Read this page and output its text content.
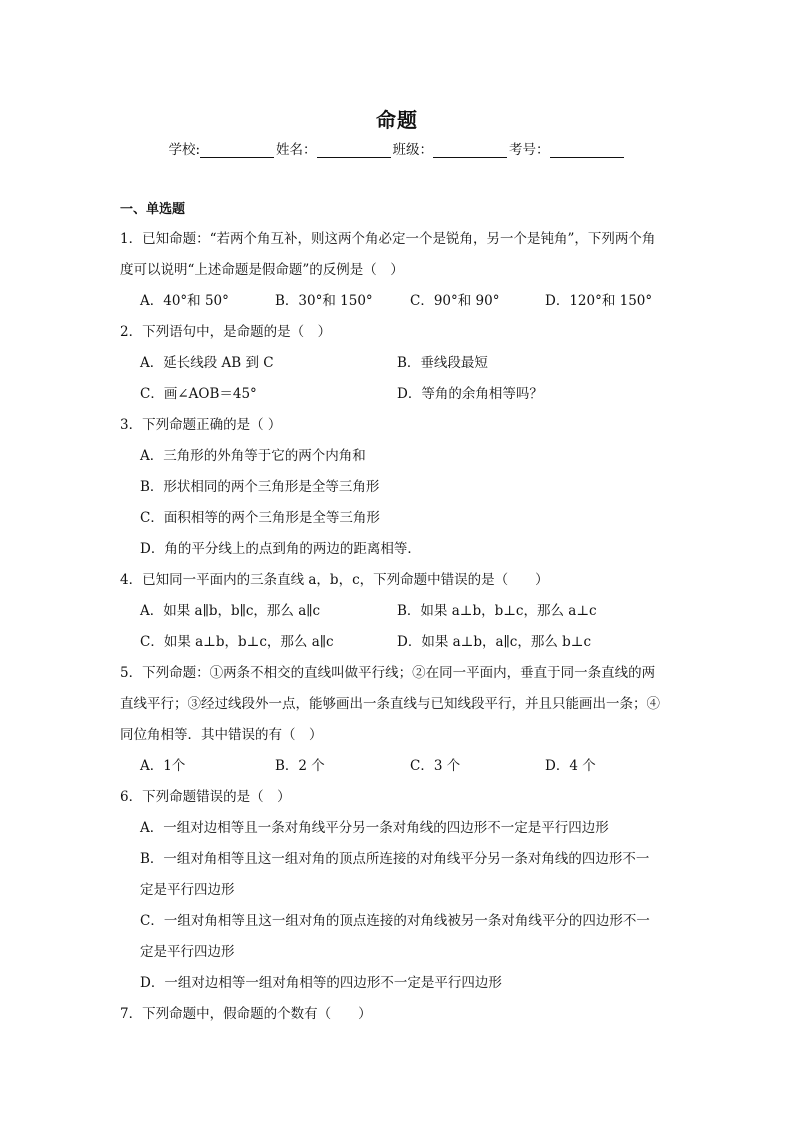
命题
学校:	姓名：	班级：	考号：
一、单选题
1．已知命题：“若两个角互补，则这两个角必定一个是锐角，另一个是钝角”，下列两个角
度可以说明“上述命题是假命题”的反例是（　）
A．40°和 50°	B．30°和 150°	C．90°和 90°	D．120°和 150°
2．下列语句中，是命题的是（　）
A．延长线段 AB 到 C	B．垂线段最短
C．画∠AOB＝45°	D．等角的余角相等吗？
3．下列命题正确的是（ ）
A．三角形的外角等于它的两个内角和
B．形状相同的两个三角形是全等三角形
C．面积相等的两个三角形是全等三角形
D．角的平分线上的点到角的两边的距离相等．
4．已知同一平面内的三条直线 a，b，c，下列命题中错误的是（　　）
A．如果 a∥b，b∥c，那么 a∥c	B．如果 a⊥b，b⊥c，那么 a⊥c
C．如果 a⊥b，b⊥c，那么 a∥c	D．如果 a⊥b，a∥c，那么 b⊥c
5．下列命题：①两条不相交的直线叫做平行线；②在同一平面内，垂直于同一条直线的两
直线平行；③经过线段外一点，能够画出一条直线与已知线段平行，并且只能画出一条；④
同位角相等．其中错误的有（　）
A．1个	B．2 个	C．3 个	D．4 个
6．下列命题错误的是（　）
A．一组对边相等且一条对角线平分另一条对角线的四边形不一定是平行四边形
B．一组对角相等且这一组对角的顶点所连接的对角线平分另一条对角线的四边形不一
定是平行四边形
C．一组对角相等且这一组对角的顶点连接的对角线被另一条对角线平分的四边形不一
定是平行四边形
D．一组对边相等一组对角相等的四边形不一定是平行四边形
7．下列命题中，假命题的个数有（　　）
